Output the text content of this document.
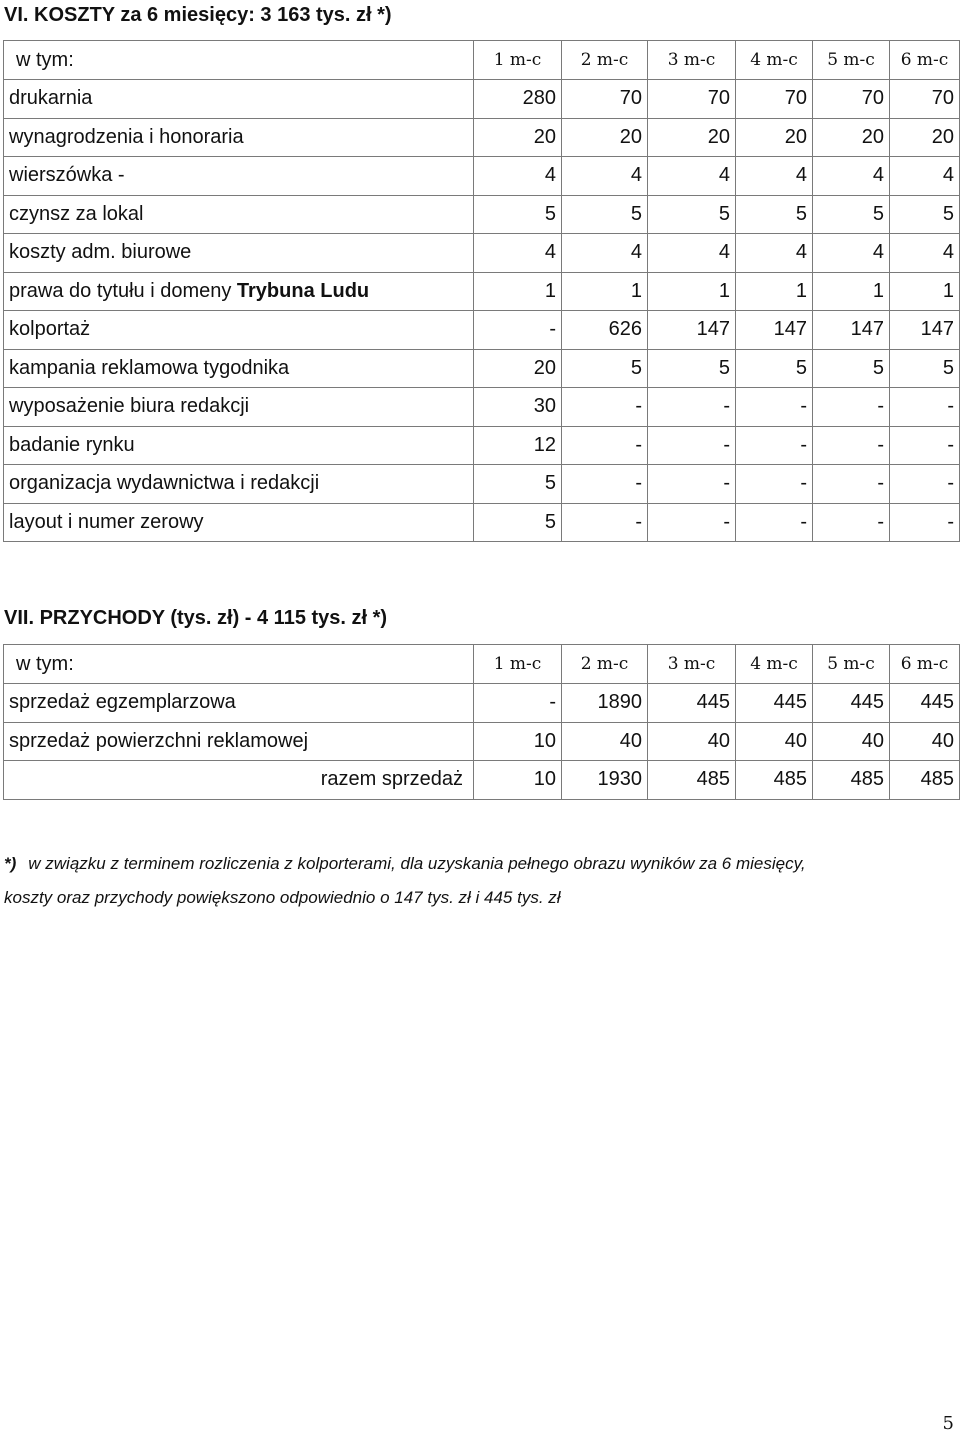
VI. KOSZTY za 6 miesięcy: 3 163 tys. zł *)
w tym:	1 m-c	2 m-c	3 m-c	4 m-c	5 m-c	6 m-c
drukarnia	280	70	70	70	70	70
wynagrodzenia i honoraria	20	20	20	20	20	20
wierszówka -	4	4	4	4	4	4
czynsz za lokal	5	5	5	5	5	5
koszty adm. biurowe	4	4	4	4	4	4
prawa do tytułu i domeny Trybuna Ludu	1	1	1	1	1	1
kolportaż	-	626	147	147	147	147
kampania reklamowa tygodnika	20	5	5	5	5	5
wyposażenie biura redakcji	30	-	-	-	-	-
badanie rynku	12	-	-	-	-	-
organizacja wydawnictwa i redakcji	5	-	-	-	-	-
layout i numer zerowy	5	-	-	-	-	-
VII. PRZYCHODY (tys. zł) - 4 115 tys. zł *)
w tym:	1 m-c	2 m-c	3 m-c	4 m-c	5 m-c	6 m-c
sprzedaż egzemplarzowa	-	1890	445	445	445	445
sprzedaż powierzchni reklamowej	10	40	40	40	40	40
razem sprzedaż	10	1930	485	485	485	485

*) w związku z terminem rozliczenia z kolporterami, dla uzyskania pełnego obrazu wyników za 6 miesięcy,

koszty oraz przychody powiększono odpowiednio o 147 tys. zł i 445 tys. zł

5
